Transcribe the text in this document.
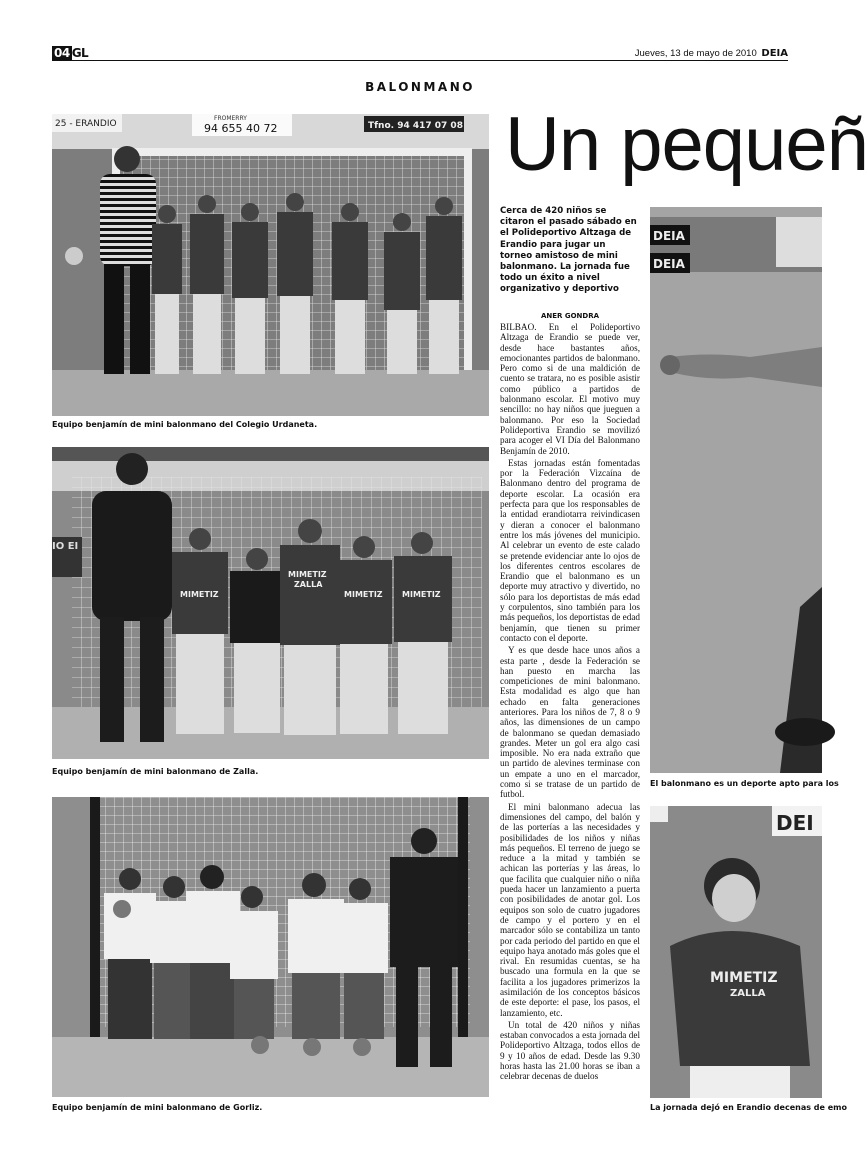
04 GL	Jueves, 13 de mayo de 2010 DEIA
BALONMANO
Un pequeñ
25 - ERANDIO
FROMERRY
94 655 40 72	Tfno. 94 417 07 08
Equipo benjamín de mini balonmano del Colegio Urdaneta.
IO EI
MIMETIZ
MIMETIZ
ZALLA
MIMETIZ MIMETIZ
Equipo benjamín de mini balonmano de Zalla.
Equipo benjamín de mini balonmano de Gorliz.
DEIA
DEIA
El balonmano es un deporte apto para los
DEI
MIMETIZ
ZALLA
La jornada dejó en Erandio decenas de emo
Cerca de 420 niños se citaron el pasado sábado en el Polideportivo Altzaga de Erandio para jugar un torneo amistoso de mini balonmano. La jornada fue todo un éxito a nivel organizativo y deportivo
ANER GONDRA

BILBAO. En el Polideportivo Altzaga de Erandio se puede ver, desde hace bastantes años, emocionantes partidos de balonmano. Pero como si de una maldición de cuento se tratara, no es posible asistir como público a partidos de balonmano escolar. El motivo muy sencillo: no hay niños que jueguen a balonmano. Por eso la Sociedad Polideportiva Erandio se movilizó para acoger el VI Día del Balonmano Benjamín de 2010.

Estas jornadas están fomentadas por la Federación Vizcaína de Balonmano dentro del programa de deporte escolar. La ocasión era perfecta para que los responsables de la entidad erandiotarra reivindicasen y dieran a conocer el balonmano entre los más jóvenes del municipio. Al celebrar un evento de este calado se pretende evidenciar ante lo ojos de los diferentes centros escolares de Erandio que el balonmano es un deporte muy atractivo y divertido, no sólo para los deportistas de más edad y corpulentos, sino también para los más pequeños, los deportistas de edad benjamín, que tienen su primer contacto con el deporte.

Y es que desde hace unos años a esta parte , desde la Federación se han puesto en marcha las competiciones de mini balonmano. Esta modalidad es algo que han echado en falta generaciones anteriores. Para los niños de 7, 8 o 9 años, las dimensiones de un campo de balonmano se quedan demasiado grandes. Meter un gol era algo casi imposible. No era nada extraño que un partido de alevines terminase con un empate a uno en el marcador, como si se tratase de un partido de futbol.

El mini balonmano adecua las dimensiones del campo, del balón y de las porterías a las necesidades y posibilidades de los niños y niñas más pequeños. El terreno de juego se reduce a la mitad y también se achican las porterías y las áreas, lo que facilita que cualquier niño o niña pueda hacer un lanzamiento a puerta con posibilidades de anotar gol. Los equipos son solo de cuatro jugadores de campo y el portero y en el marcador sólo se contabiliza un tanto por cada periodo del partido en que el equipo haya anotado más goles que el rival. En resumidas cuentas, se ha buscado una formula en la que se facilita a los jugadores primerizos la asimilación de los conceptos básicos de este deporte: el pase, los pasos, el lanzamiento, etc.

Un total de 420 niños y niñas estaban convocados a esta jornada del Polideportivo Altzaga, todos ellos de 9 y 10 años de edad. Desde las 9.30 horas hasta las 21.00 horas se iban a celebrar decenas de duelos
